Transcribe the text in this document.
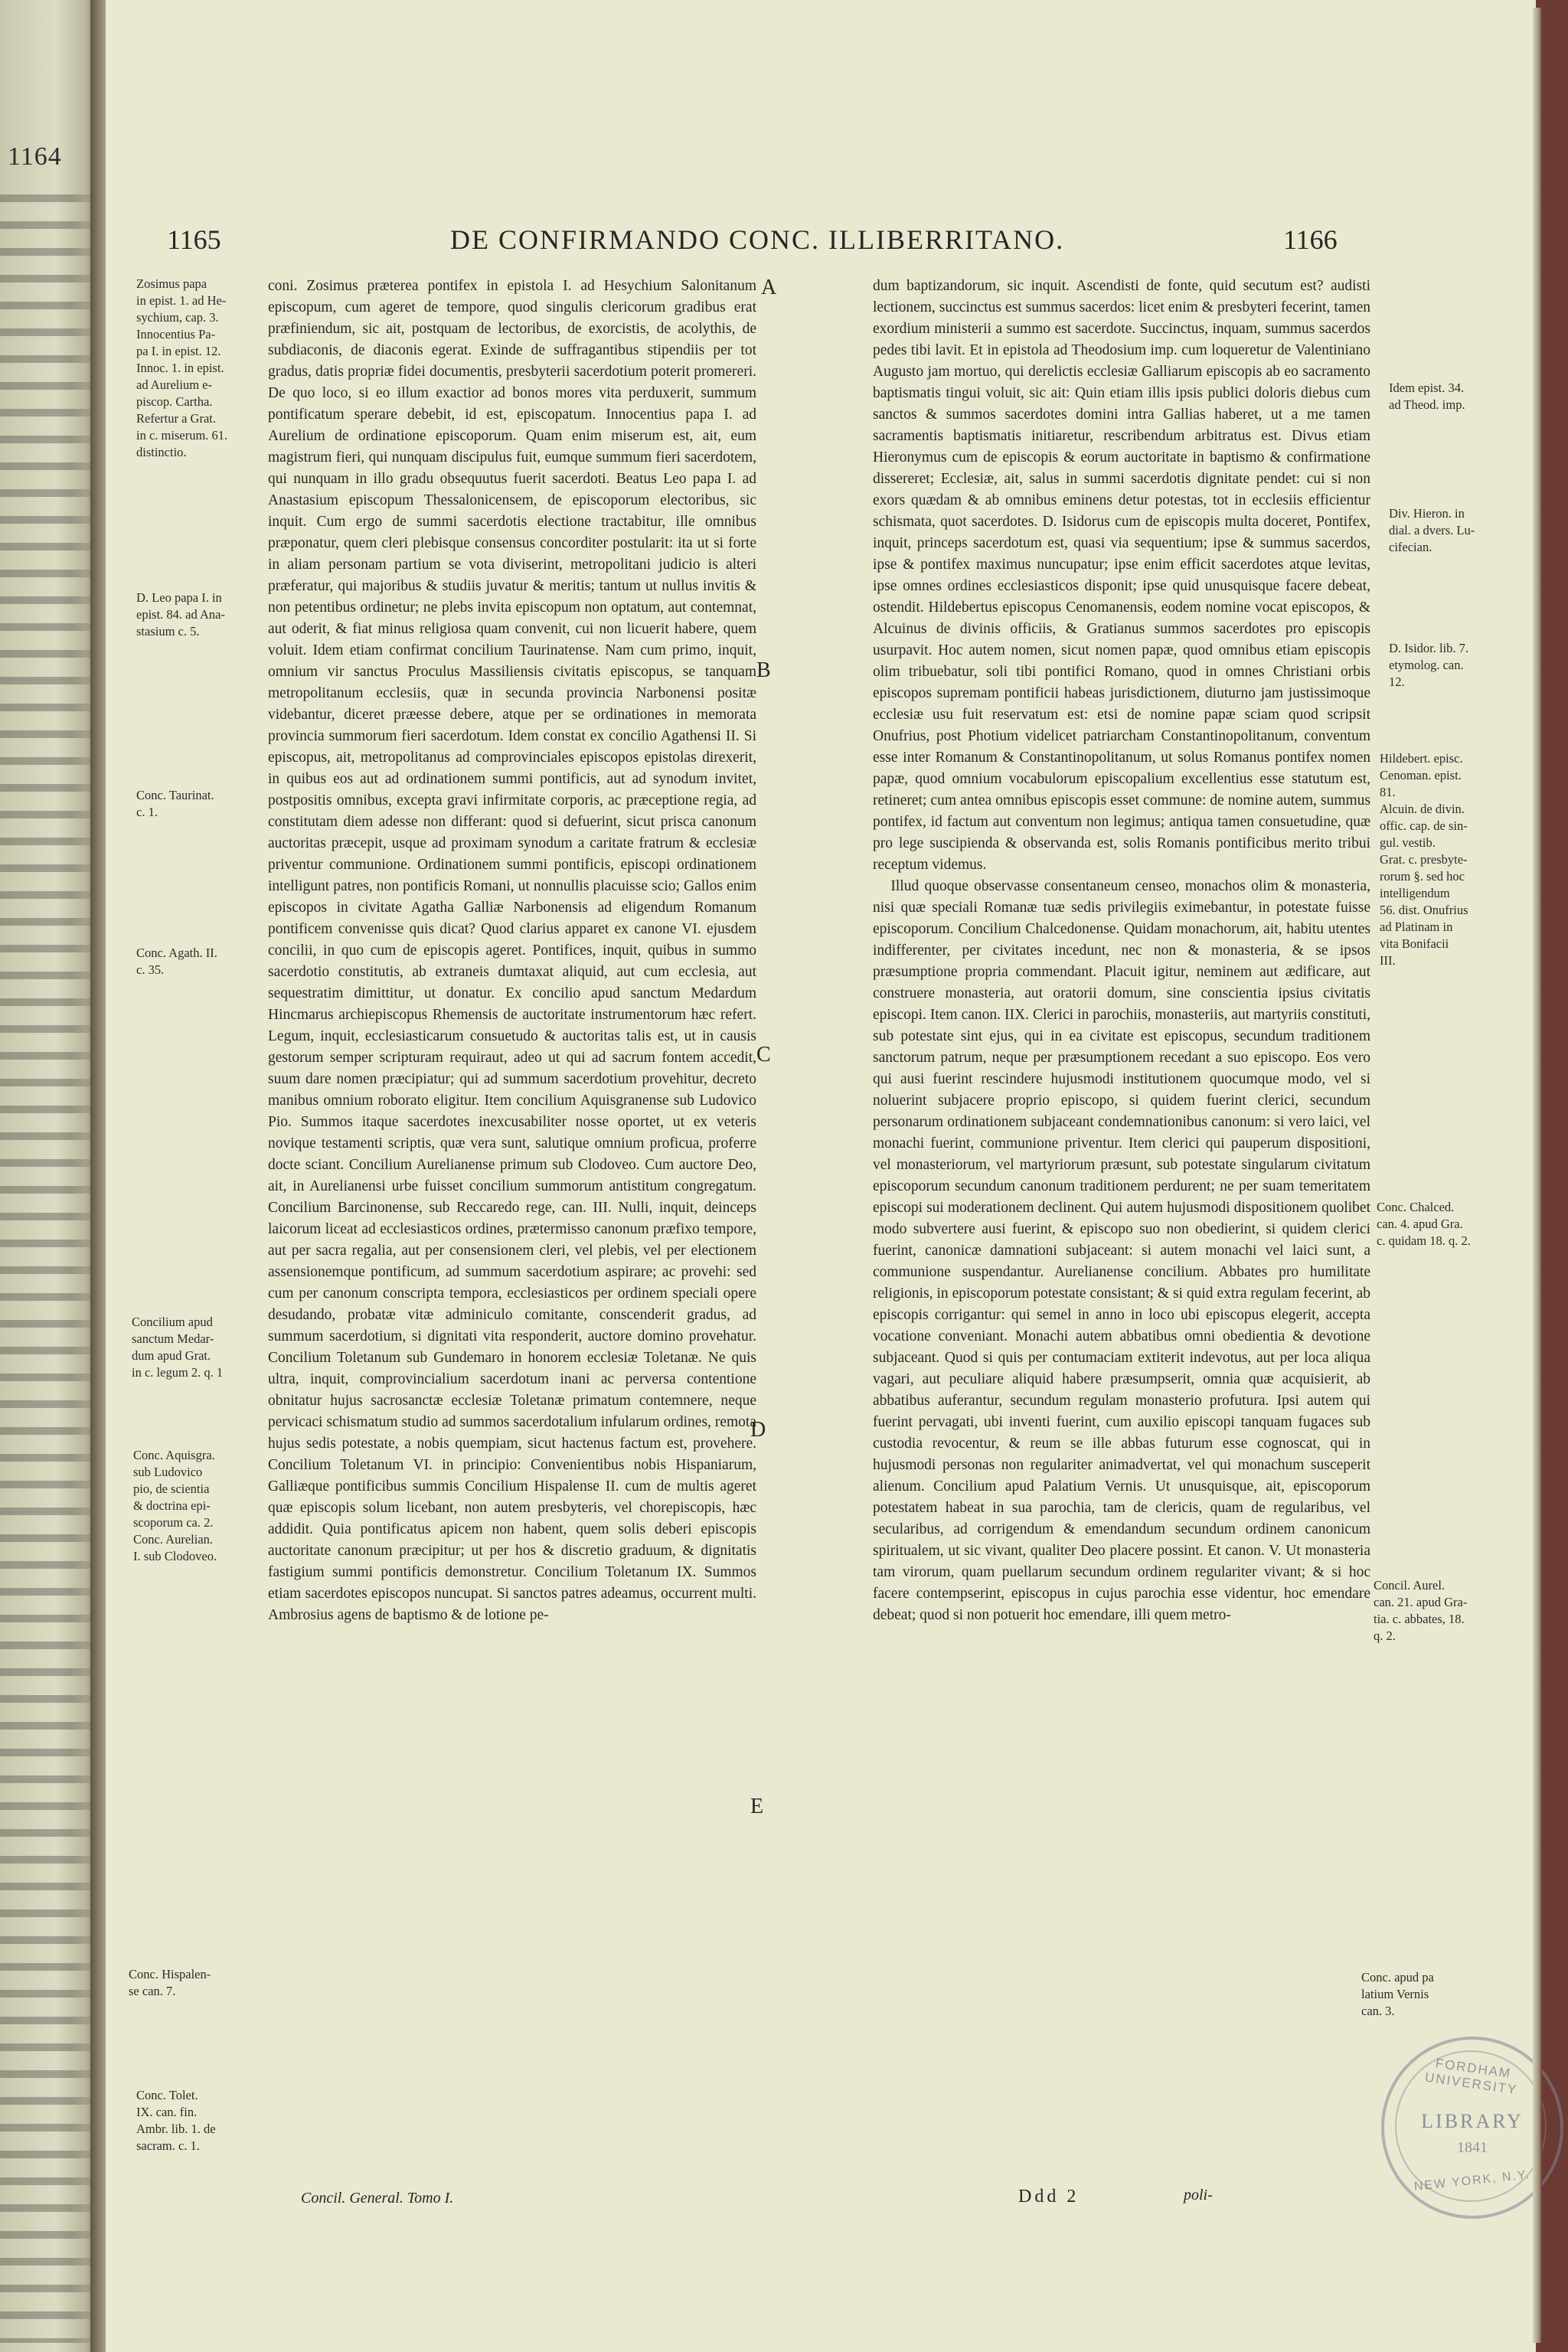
1164
1165	DE CONFIRMANDO CONC. ILLIBERRITANO.	1166
Zosimus papa
in epist. 1. ad He-
sychium, cap. 3.
Innocentius Pa-
pa I. in epist. 12.
Innoc. 1. in epist.
ad Aurelium e-
piscop. Cartha.
Refertur a Grat.
in c. miserum. 61.
distinctio.
D. Leo papa I. in
epist. 84. ad Ana-
stasium c. 5.
Conc. Taurinat.
c. 1.
Conc. Agath. II.
c. 35.
Concilium apud
sanctum Medar-
dum apud Grat.
in c. legum 2. q. 1
Conc. Aquisgra.
sub Ludovico
pio, de scientia
& doctrina epi-
scoporum ca. 2.
Conc. Aurelian.
I. sub Clodoveo.
Conc. Hispalen-
se can. 7.
Conc. Tolet.
IX. can. fin.
Ambr. lib. 1. de
sacram. c. 1.
A
B
C
D
E

coni. Zosimus præterea pontifex in epistola I. ad Hesychium Salonitanum episcopum, cum ageret de tempore, quod singulis clericorum gradibus erat præfiniendum, sic ait, postquam de lectoribus, de exorcistis, de acolythis, de subdiaconis, de diaconis egerat. Exinde de suffragantibus stipendiis per tot gradus, datis propriæ fidei documentis, presbyterii sacerdotium poterit promereri. De quo loco, si eo illum exactior ad bonos mores vita perduxerit, summum pontificatum sperare debebit, id est, episcopatum. Innocentius papa I. ad Aurelium de ordinatione episcoporum. Quam enim miserum est, ait, eum magistrum fieri, qui nunquam discipulus fuit, eumque summum fieri sacerdotem, qui nunquam in illo gradu obsequutus fuerit sacerdoti. Beatus Leo papa I. ad Anastasium episcopum Thessalonicensem, de episcoporum electoribus, sic inquit. Cum ergo de summi sacerdotis electione tractabitur, ille omnibus præponatur, quem cleri plebisque consensus concorditer postularit: ita ut si forte in aliam personam partium se vota diviserint, metropolitani judicio is alteri præferatur, qui majoribus & studiis juvatur & meritis; tantum ut nullus invitis & non petentibus ordinetur; ne plebs invita episcopum non optatum, aut contemnat, aut oderit, & fiat minus religiosa quam convenit, cui non licuerit habere, quem voluit. Idem etiam confirmat concilium Taurinatense. Nam cum primo, inquit, omnium vir sanctus Proculus Massiliensis civitatis episcopus, se tanquam metropolitanum ecclesiis, quæ in secunda provincia Narbonensi positæ videbantur, diceret præesse debere, atque per se ordinationes in memorata provincia summorum fieri sacerdotum. Idem constat ex concilio Agathensi II. Si episcopus, ait, metropolitanus ad comprovinciales episcopos epistolas direxerit, in quibus eos aut ad ordinationem summi pontificis, aut ad synodum invitet, postpositis omnibus, excepta gravi infirmitate corporis, ac præceptione regia, ad constitutam diem adesse non differant: quod si defuerint, sicut prisca canonum auctoritas præcepit, usque ad proximam synodum a caritate fratrum & ecclesiæ priventur communione. Ordinationem summi pontificis, episcopi ordinationem intelligunt patres, non pontificis Romani, ut nonnullis placuisse scio; Gallos enim episcopos in civitate Agatha Galliæ Narbonensis ad eligendum Romanum pontificem convenisse quis dicat? Quod clarius apparet ex canone VI. ejusdem concilii, in quo cum de episcopis ageret. Pontifices, inquit, quibus in summo sacerdotio constitutis, ab extraneis dumtaxat aliquid, aut cum ecclesia, aut sequestratim dimittitur, ut donatur. Ex concilio apud sanctum Medardum Hincmarus archiepiscopus Rhemensis de auctoritate instrumentorum hæc refert. Legum, inquit, ecclesiasticarum consuetudo & auctoritas talis est, ut in causis gestorum semper scripturam requiraut, adeo ut qui ad sacrum fontem accedit, suum dare nomen præcipiatur; qui ad summum sacerdotium provehitur, decreto manibus omnium roborato eligitur. Item concilium Aquisgranense sub Ludovico Pio. Summos itaque sacerdotes inexcusabiliter nosse oportet, ut ex veteris novique testamenti scriptis, quæ vera sunt, salutique omnium proficua, proferre docte sciant. Concilium Aurelianense primum sub Clodoveo. Cum auctore Deo, ait, in Aurelianensi urbe fuisset concilium summorum antistitum congregatum. Concilium Barcinonense, sub Reccaredo rege, can. III. Nulli, inquit, deinceps laicorum liceat ad ecclesiasticos ordines, prætermisso canonum præfixo tempore, aut per sacra regalia, aut per consensionem cleri, vel plebis, vel per electionem assensionemque pontificum, ad summum sacerdotium aspirare; ac provehi: sed cum per canonum conscripta tempora, ecclesiasticos per ordinem speciali opere desudando, probatæ vitæ adminiculo comitante, conscenderit gradus, ad summum sacerdotium, si dignitati vita responderit, auctore domino provehatur. Concilium Toletanum sub Gundemaro in honorem ecclesiæ Toletanæ. Ne quis ultra, inquit, comprovincialium sacerdotum inani ac perversa contentione obnitatur hujus sacrosanctæ ecclesiæ Toletanæ primatum contemnere, neque pervicaci schismatum studio ad summos sacerdotalium infularum ordines, remota hujus sedis potestate, a nobis quempiam, sicut hactenus factum est, provehere. Concilium Toletanum VI. in principio: Convenientibus nobis Hispaniarum, Galliæque pontificibus summis Concilium Hispalense II. cum de multis ageret quæ episcopis solum licebant, non autem presbyteris, vel chorepiscopis, hæc addidit. Quia pontificatus apicem non habent, quem solis deberi episcopis auctoritate canonum præcipitur; ut per hos & discretio graduum, & dignitatis fastigium summi pontificis demonstretur. Concilium Toletanum IX. Summos etiam sacerdotes episcopos nuncupat. Si sanctos patres adeamus, occurrent multi. Ambrosius agens de baptismo & de lotione pe-

dum baptizandorum, sic inquit. Ascendisti de fonte, quid secutum est? audisti lectionem, succinctus est summus sacerdos: licet enim & presbyteri fecerint, tamen exordium ministerii a summo est sacerdote. Succinctus, inquam, summus sacerdos pedes tibi lavit. Et in epistola ad Theodosium imp. cum loqueretur de Valentiniano Augusto jam mortuo, qui derelictis ecclesiæ Galliarum episcopis ab eo sacramento baptismatis tingui voluit, sic ait: Quin etiam illis ipsis publici doloris diebus cum sanctos & summos sacerdotes domini intra Gallias haberet, ut a me tamen sacramentis baptismatis initiaretur, rescribendum arbitratus est. Divus etiam Hieronymus cum de episcopis & eorum auctoritate in baptismo & confirmatione dissereret; Ecclesiæ, ait, salus in summi sacerdotis dignitate pendet: cui si non exors quædam & ab omnibus eminens detur potestas, tot in ecclesiis efficientur schismata, quot sacerdotes. D. Isidorus cum de episcopis multa doceret, Pontifex, inquit, princeps sacerdotum est, quasi via sequentium; ipse & summus sacerdos, ipse & pontifex maximus nuncupatur; ipse enim efficit sacerdotes atque levitas, ipse omnes ordines ecclesiasticos disponit; ipse quid unusquisque facere debeat, ostendit. Hildebertus episcopus Cenomanensis, eodem nomine vocat episcopos, & Alcuinus de divinis officiis, & Gratianus summos sacerdotes pro episcopis usurpavit. Hoc autem nomen, sicut nomen papæ, quod omnibus etiam episcopis olim tribuebatur, soli tibi pontifici Romano, quod in omnes Christiani orbis episcopos supremam pontificii habeas jurisdictionem, diuturno jam justissimoque ecclesiæ usu fuit reservatum est: etsi de nomine papæ sciam quod scripsit Onufrius, post Photium videlicet patriarcham Constantinopolitanum, conventum esse inter Romanum & Constantinopolitanum, ut solus Romanus pontifex nomen papæ, quod omnium vocabulorum episcopalium excellentius esse statutum est, retineret; cum antea omnibus episcopis esset commune: de nomine autem, summus pontifex, id factum aut conventum non legimus; antiqua tamen consuetudine, quæ pro lege suscipienda & observanda est, solis Romanis pontificibus merito tribui receptum videmus.

Illud quoque observasse consentaneum censeo, monachos olim & monasteria, nisi quæ speciali Romanæ tuæ sedis privilegiis eximebantur, in potestate fuisse episcoporum. Concilium Chalcedonense. Quidam monachorum, ait, habitu utentes indifferenter, per civitates incedunt, nec non & monasteria, & se ipsos præsumptione propria commendant. Placuit igitur, neminem aut ædificare, aut construere monasteria, aut oratorii domum, sine conscientia ipsius civitatis episcopi. Item canon. IIX. Clerici in parochiis, monasteriis, aut martyriis constituti, sub potestate sint ejus, qui in ea civitate est episcopus, secundum traditionem sanctorum patrum, neque per præsumptionem recedant a suo episcopo. Eos vero qui ausi fuerint rescindere hujusmodi institutionem quocumque modo, vel si noluerint subjacere proprio episcopo, si quidem fuerint clerici, secundum personarum ordinationem subjaceant condemnationibus canonum: si vero laici, vel monachi fuerint, communione priventur. Item clerici qui pauperum dispositioni, vel monasteriorum, vel martyriorum præsunt, sub potestate singularum civitatum episcoporum secundum canonum traditionem perdurent; ne per suam temeritatem episcopi sui moderationem declinent. Qui autem hujusmodi dispositionem quolibet modo subvertere ausi fuerint, & episcopo suo non obedierint, si quidem clerici fuerint, canonicæ damnationi subjaceant: si autem monachi vel laici sunt, a communione suspendantur. Aurelianense concilium. Abbates pro humilitate religionis, in episcoporum potestate consistant; & si quid extra regulam fecerint, ab episcopis corrigantur: qui semel in anno in loco ubi episcopus elegerit, accepta vocatione conveniant. Monachi autem abbatibus omni obedientia & devotione subjaceant. Quod si quis per contumaciam extiterit indevotus, aut per loca aliqua vagari, aut peculiare aliquid habere præsumpserit, omnia quæ acquisierit, ab abbatibus auferantur, secundum regulam monasterio profutura. Ipsi autem qui fuerint pervagati, ubi inventi fuerint, cum auxilio episcopi tanquam fugaces sub custodia revocentur, & reum se ille abbas futurum esse cognoscat, qui in hujusmodi personas non regulariter animadvertat, vel qui monachum susceperit alienum. Concilium apud Palatium Vernis. Ut unusquisque, ait, episcoporum potestatem habeat in sua parochia, tam de clericis, quam de regularibus, vel secularibus, ad corrigendum & emendandum secundum ordinem canonicum spiritualem, ut sic vivant, qualiter Deo placere possint. Et canon. V. Ut monasteria tam virorum, quam puellarum secundum ordinem regulariter vivant; & si hoc facere contempserint, episcopus in cujus parochia esse videntur, hoc emendare debeat; quod si non potuerit hoc emendare, illi quem metro-

Idem epist. 34.
ad Theod. imp.
Div. Hieron. in
dial. a dvers. Lu-
cifecian.
D. Isidor. lib. 7.
etymolog. can.
12.
Hildebert. episc.
Cenoman. epist.
81.
Alcuin. de divin.
offic. cap. de sin-
gul. vestib.
Grat. c. presbyte-
rorum §. sed hoc
intelligendum
56. dist. Onufrius
ad Platinam in
vita Bonifacii
III.
Conc. Chalced.
can. 4. apud Gra.
c. quidam 18. q. 2.
Concil. Aurel.
can. 21. apud Gra-
tia. c. abbates, 18.
q. 2.
Conc. apud pa
latium Vernis
can. 3.
Concil. General. Tomo I.	Ddd 2	poli-
FORDHAM UNIVERSITY
LIBRARY
1841
NEW YORK, N.Y.
